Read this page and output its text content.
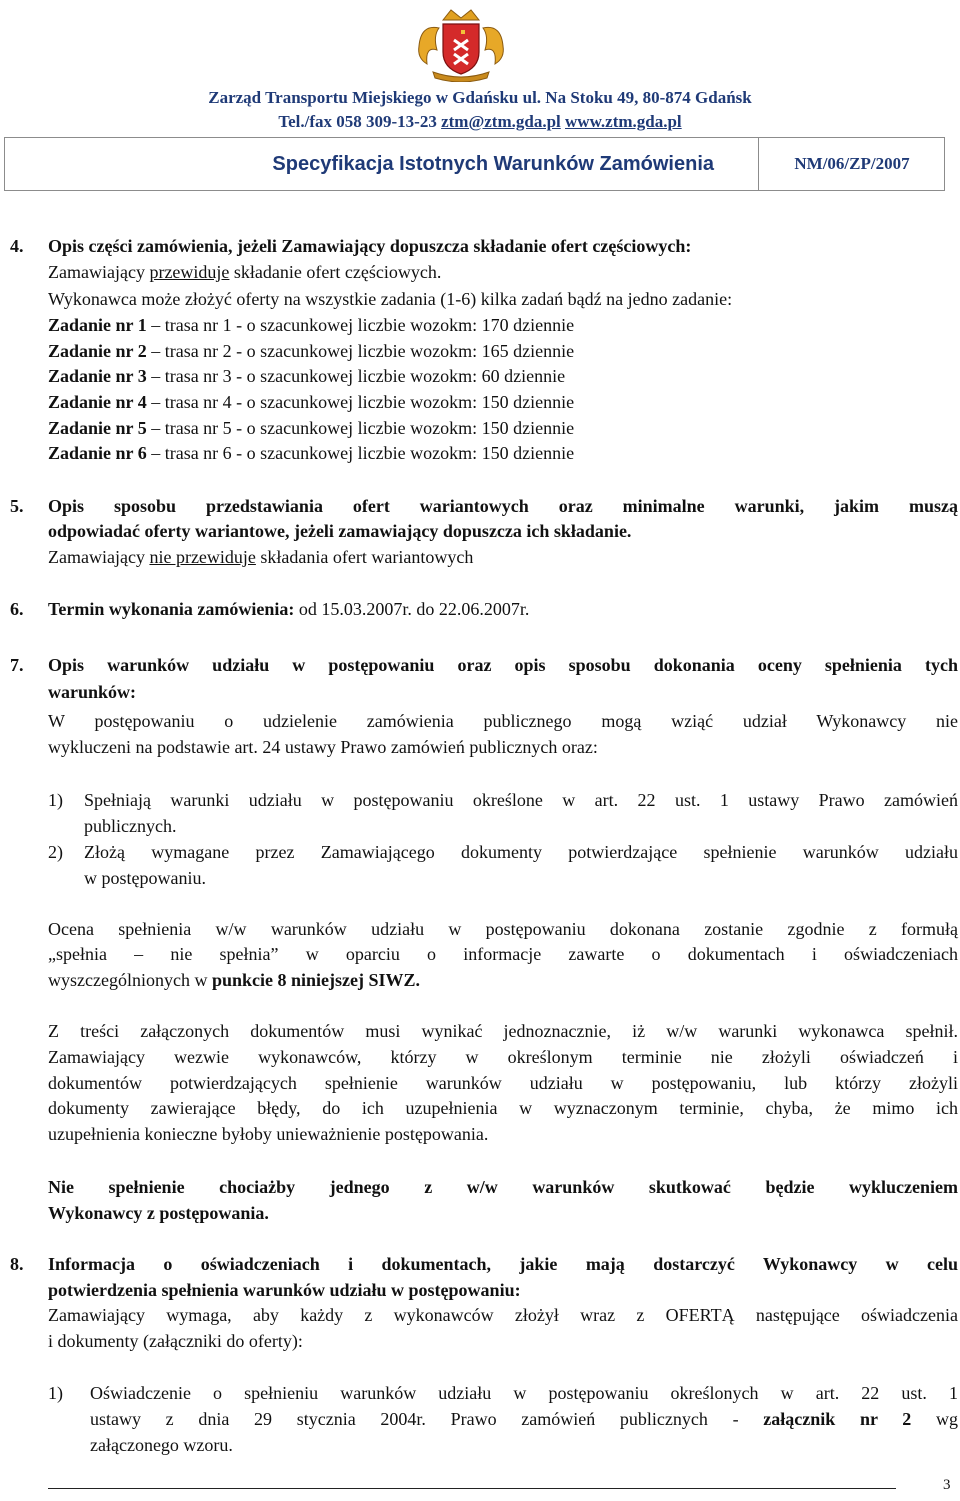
Zarząd Transportu Miejskiego w Gdańsku ul. Na Stoku 49, 80-874 Gdańsk
Tel./fax 058 309-13-23 ztm@ztm.gda.pl www.ztm.gda.pl
Specyfikacja Istotnych Warunków Zamówienia	NM/06/ZP/2007
4. Opis części zamówienia, jeżeli Zamawiający dopuszcza składanie ofert częściowych:
Zamawiający przewiduje składanie ofert częściowych.
Wykonawca może złożyć oferty na wszystkie zadania (1-6) kilka zadań bądź na jedno zadanie:
Zadanie nr 1 – trasa nr 1 - o szacunkowej liczbie wozokm: 170 dziennie
Zadanie nr 2 – trasa nr 2 - o szacunkowej liczbie wozokm: 165 dziennie
Zadanie nr 3 – trasa nr 3 - o szacunkowej liczbie wozokm: 60 dziennie
Zadanie nr 4 – trasa nr 4 - o szacunkowej liczbie wozokm: 150 dziennie
Zadanie nr 5 – trasa nr 5 - o szacunkowej liczbie wozokm: 150 dziennie
Zadanie nr 6 – trasa nr 6 - o szacunkowej liczbie wozokm: 150 dziennie
5. Opis sposobu przedstawiania ofert wariantowych oraz minimalne warunki, jakim muszą
odpowiadać oferty wariantowe, jeżeli zamawiający dopuszcza ich składanie.
Zamawiający nie przewiduje składania ofert wariantowych
6. Termin wykonania zamówienia: od 15.03.2007r. do 22.06.2007r.
7. Opis warunków udziału w postępowaniu oraz opis sposobu dokonania oceny spełnienia tych
warunków:
W postępowaniu o udzielenie zamówienia publicznego mogą wziąć udział Wykonawcy nie
wykluczeni na podstawie art. 24 ustawy Prawo zamówień publicznych oraz:
1) Spełniają warunki udziału w postępowaniu określone w art. 22 ust. 1 ustawy Prawo zamówień
publicznych.
2) Złożą wymagane przez Zamawiającego dokumenty potwierdzające spełnienie warunków udziału
w postępowaniu.
Ocena spełnienia w/w warunków udziału w postępowaniu dokonana zostanie zgodnie z formułą
„spełnia – nie spełnia” w oparciu o informacje zawarte o dokumentach i oświadczeniach
wyszczególnionych w punkcie 8 niniejszej SIWZ.
Z treści załączonych dokumentów musi wynikać jednoznacznie, iż w/w warunki wykonawca spełnił.
Zamawiający wezwie wykonawców, którzy w określonym terminie nie złożyli oświadczeń i
dokumentów potwierdzających spełnienie warunków udziału w postępowaniu, lub którzy złożyli
dokumenty zawierające błędy, do ich uzupełnienia w wyznaczonym terminie, chyba, że mimo ich
uzupełnienia konieczne byłoby unieważnienie postępowania.
Nie spełnienie chociażby jednego z w/w warunków skutkować będzie wykluczeniem
Wykonawcy z postępowania.
8. Informacja o oświadczeniach i dokumentach, jakie mają dostarczyć Wykonawcy w celu
potwierdzenia spełnienia warunków udziału w postępowaniu:
Zamawiający wymaga, aby każdy z wykonawców złożył wraz z OFERTĄ następujące oświadczenia
i dokumenty (załączniki do oferty):
1) Oświadczenie o spełnieniu warunków udziału w postępowaniu określonych w art. 22 ust. 1
ustawy z dnia 29 stycznia 2004r. Prawo zamówień publicznych - załącznik nr 2 wg
załączonego wzoru.
3
